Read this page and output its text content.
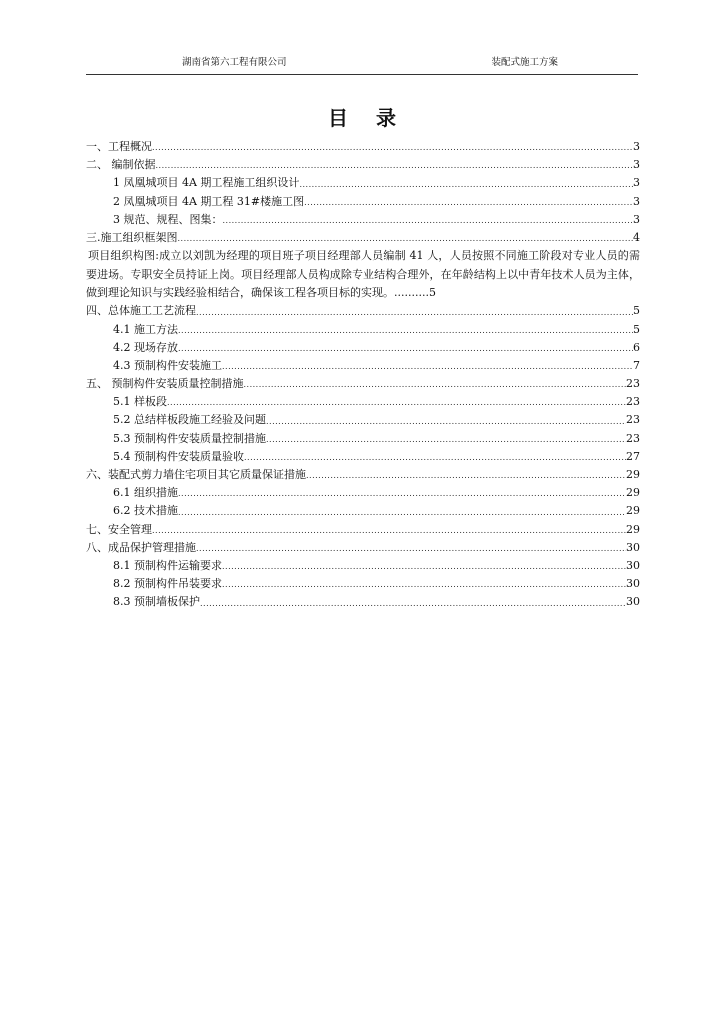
湖南省第六工程有限公司	装配式施工方案
目录
一、工程概况 .....	3
二、 编制依据 .....	3
1 凤凰城项目 4A 期工程施工组织设计 .....	3
2 凤凰城项目 4A 期工程 31#楼施工图 .....	3
3 规范、规程、图集： .....	3
三.施工组织框架图 .....	4
项目组织构图:成立以刘凯为经理的项目班子项目经理部人员编制 41 人，人员按照不同施工阶段对专业人员的需要进场。专职安全员持证上岗。项目经理部人员构成除专业结构合理外，在年龄结构上以中青年技术人员为主体，做到理论知识与实践经验相结合，确保该工程各项目标的实现。..........5
四、总体施工工艺流程 .....	5
4.1 施工方法 .....	5
4.2 现场存放 .....	6
4.3 预制构件安装施工 .....	7
五、 预制构件安装质量控制措施 .....	23
5.1 样板段 .....	23
5.2 总结样板段施工经验及问题 .....	23
5.3 预制构件安装质量控制措施 .....	23
5.4 预制构件安装质量验收 .....	27
六、装配式剪力墙住宅项目其它质量保证措施 .....	29
6.1 组织措施 .....	29
6.2 技术措施 .....	29
七、安全管理 .....	29
八、成品保护管理措施 .....	30
8.1 预制构件运输要求 .....	30
8.2 预制构件吊装要求 .....	30
8.3 预制墙板保护 .....	30
